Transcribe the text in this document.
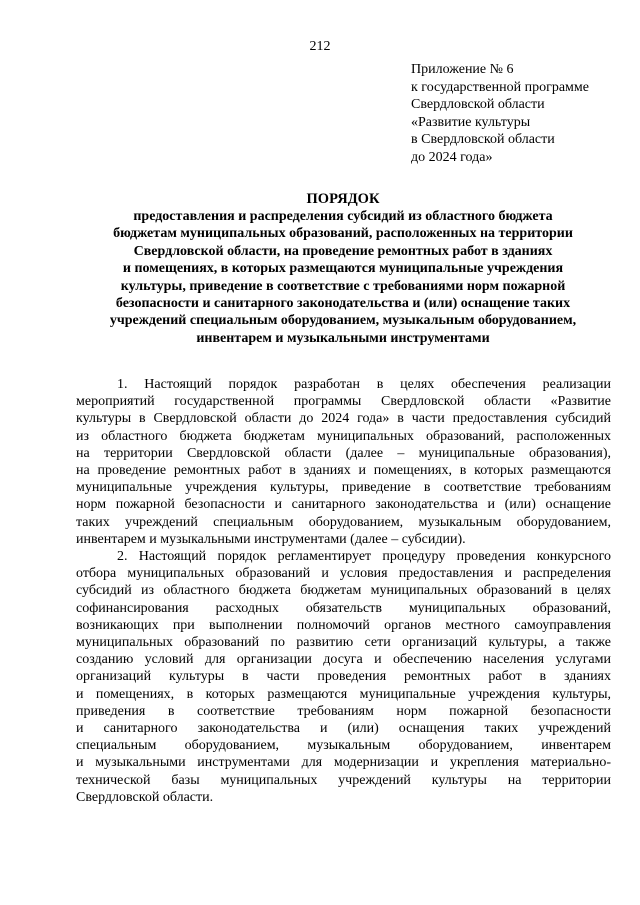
212
Приложение № 6
к государственной программе
Свердловской области
«Развитие культуры
в Свердловской области
до 2024 года»
ПОРЯДОК
предоставления и распределения субсидий из областного бюджета
бюджетам муниципальных образований, расположенных на территории
Свердловской области, на проведение ремонтных работ в зданиях
и помещениях, в которых размещаются муниципальные учреждения
культуры, приведение в соответствие с требованиями норм пожарной
безопасности и санитарного законодательства и (или) оснащение таких
учреждений специальным оборудованием, музыкальным оборудованием,
инвентарем и музыкальными инструментами
1. Настоящий порядок разработан в целях обеспечения реализации
мероприятий государственной программы Свердловской области «Развитие
культуры в Свердловской области до 2024 года» в части предоставления субсидий
из областного бюджета бюджетам муниципальных образований, расположенных
на территории Свердловской области (далее – муниципальные образования),
на проведение ремонтных работ в зданиях и помещениях, в которых размещаются
муниципальные учреждения культуры, приведение в соответствие требованиям
норм пожарной безопасности и санитарного законодательства и (или) оснащение
таких учреждений специальным оборудованием, музыкальным оборудованием,
инвентарем и музыкальными инструментами (далее – субсидии).
2. Настоящий порядок регламентирует процедуру проведения конкурсного
отбора муниципальных образований и условия предоставления и распределения
субсидий из областного бюджета бюджетам муниципальных образований в целях
софинансирования расходных обязательств муниципальных образований,
возникающих при выполнении полномочий органов местного самоуправления
муниципальных образований по развитию сети организаций культуры, а также
созданию условий для организации досуга и обеспечению населения услугами
организаций культуры в части проведения ремонтных работ в зданиях
и помещениях, в которых размещаются муниципальные учреждения культуры,
приведения в соответствие требованиям норм пожарной безопасности
и санитарного законодательства и (или) оснащения таких учреждений
специальным оборудованием, музыкальным оборудованием, инвентарем
и музыкальными инструментами для модернизации и укрепления материально-
технической базы муниципальных учреждений культуры на территории
Свердловской области.
